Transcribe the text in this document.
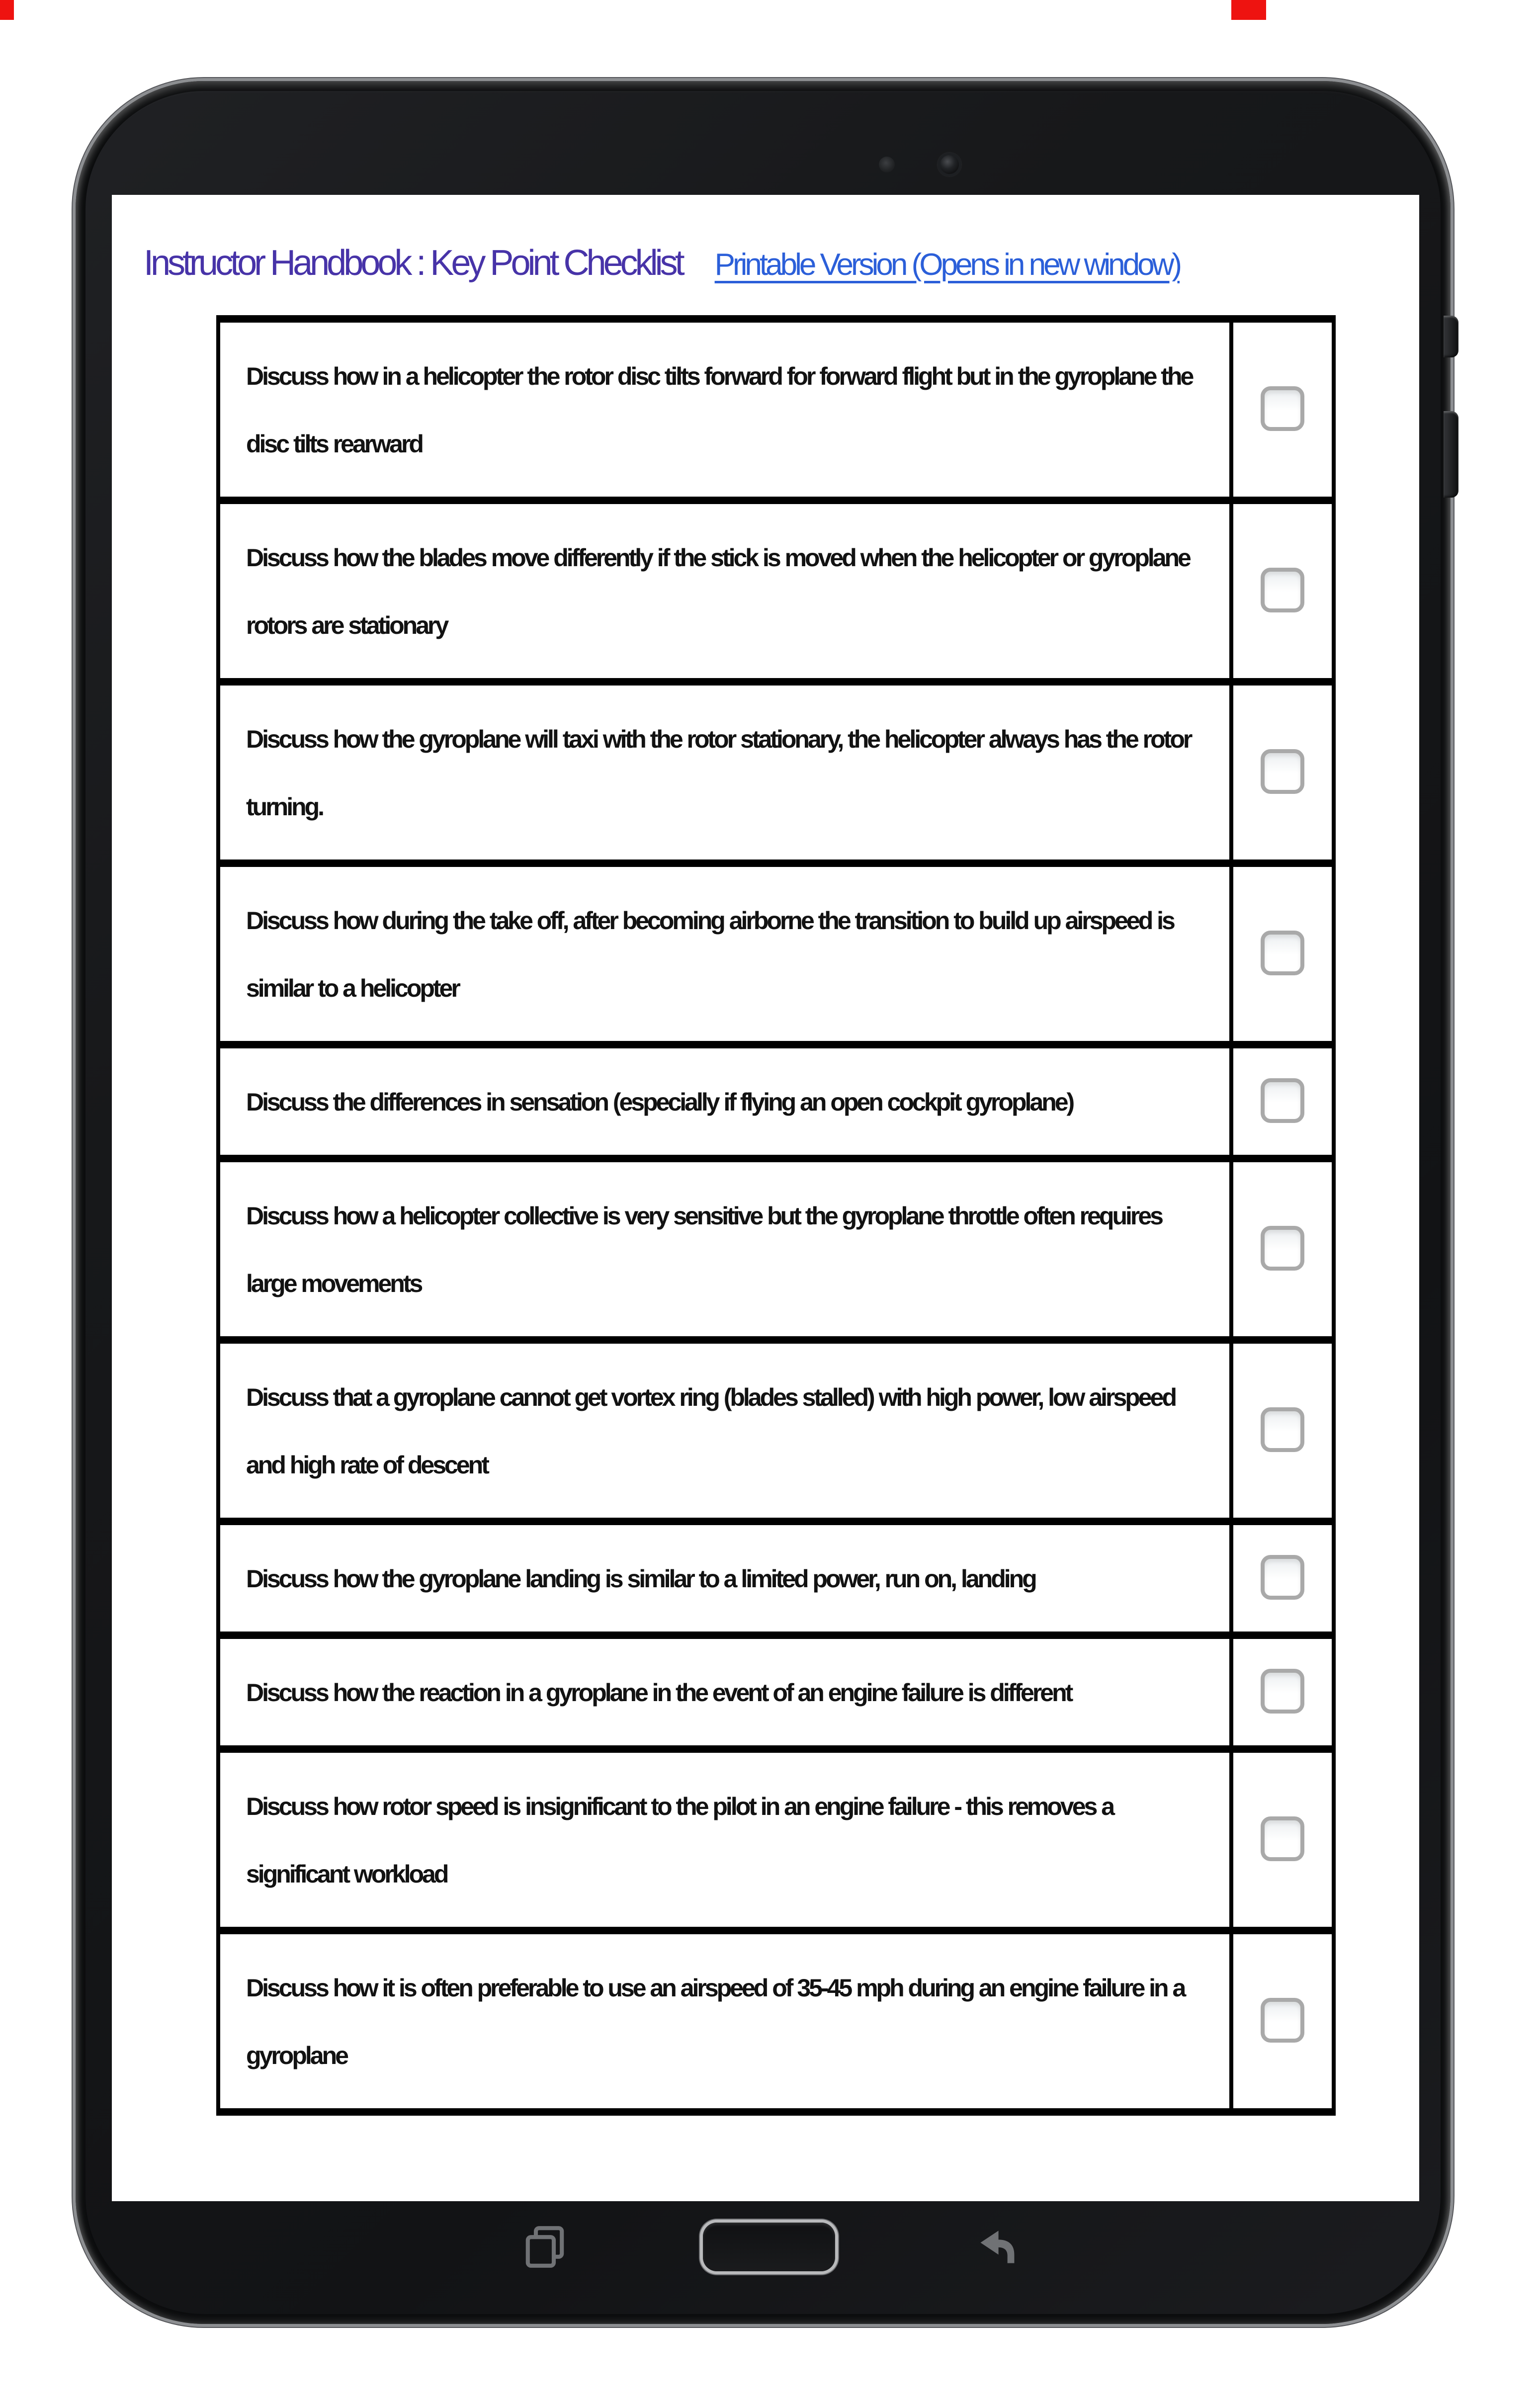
Instructor Handbook : Key Point Checklist Printable Version (Opens in new window)
Discuss how in a helicopter the rotor disc tilts forward for forward flight but in the gyroplane the disc tilts rearward	
Discuss how the blades move differently if the stick is moved when the helicopter or gyroplane rotors are stationary	
Discuss how the gyroplane will taxi with the rotor stationary, the helicopter always has the rotor turning.	
Discuss how during the take off, after becoming airborne the transition to build up airspeed is similar to a helicopter	
Discuss the differences in sensation (especially if flying an open cockpit gyroplane)	
Discuss how a helicopter collective is very sensitive but the gyroplane throttle often requires large movements	
Discuss that a gyroplane cannot get vortex ring (blades stalled) with high power, low airspeed and high rate of descent	
Discuss how the gyroplane landing is similar to a limited power, run on, landing	
Discuss how the reaction in a gyroplane in the event of an engine failure is different	
Discuss how rotor speed is insignificant to the pilot in an engine failure - this removes a significant workload	
Discuss how it is often preferable to use an airspeed of 35-45 mph during an engine failure in a gyroplane	
